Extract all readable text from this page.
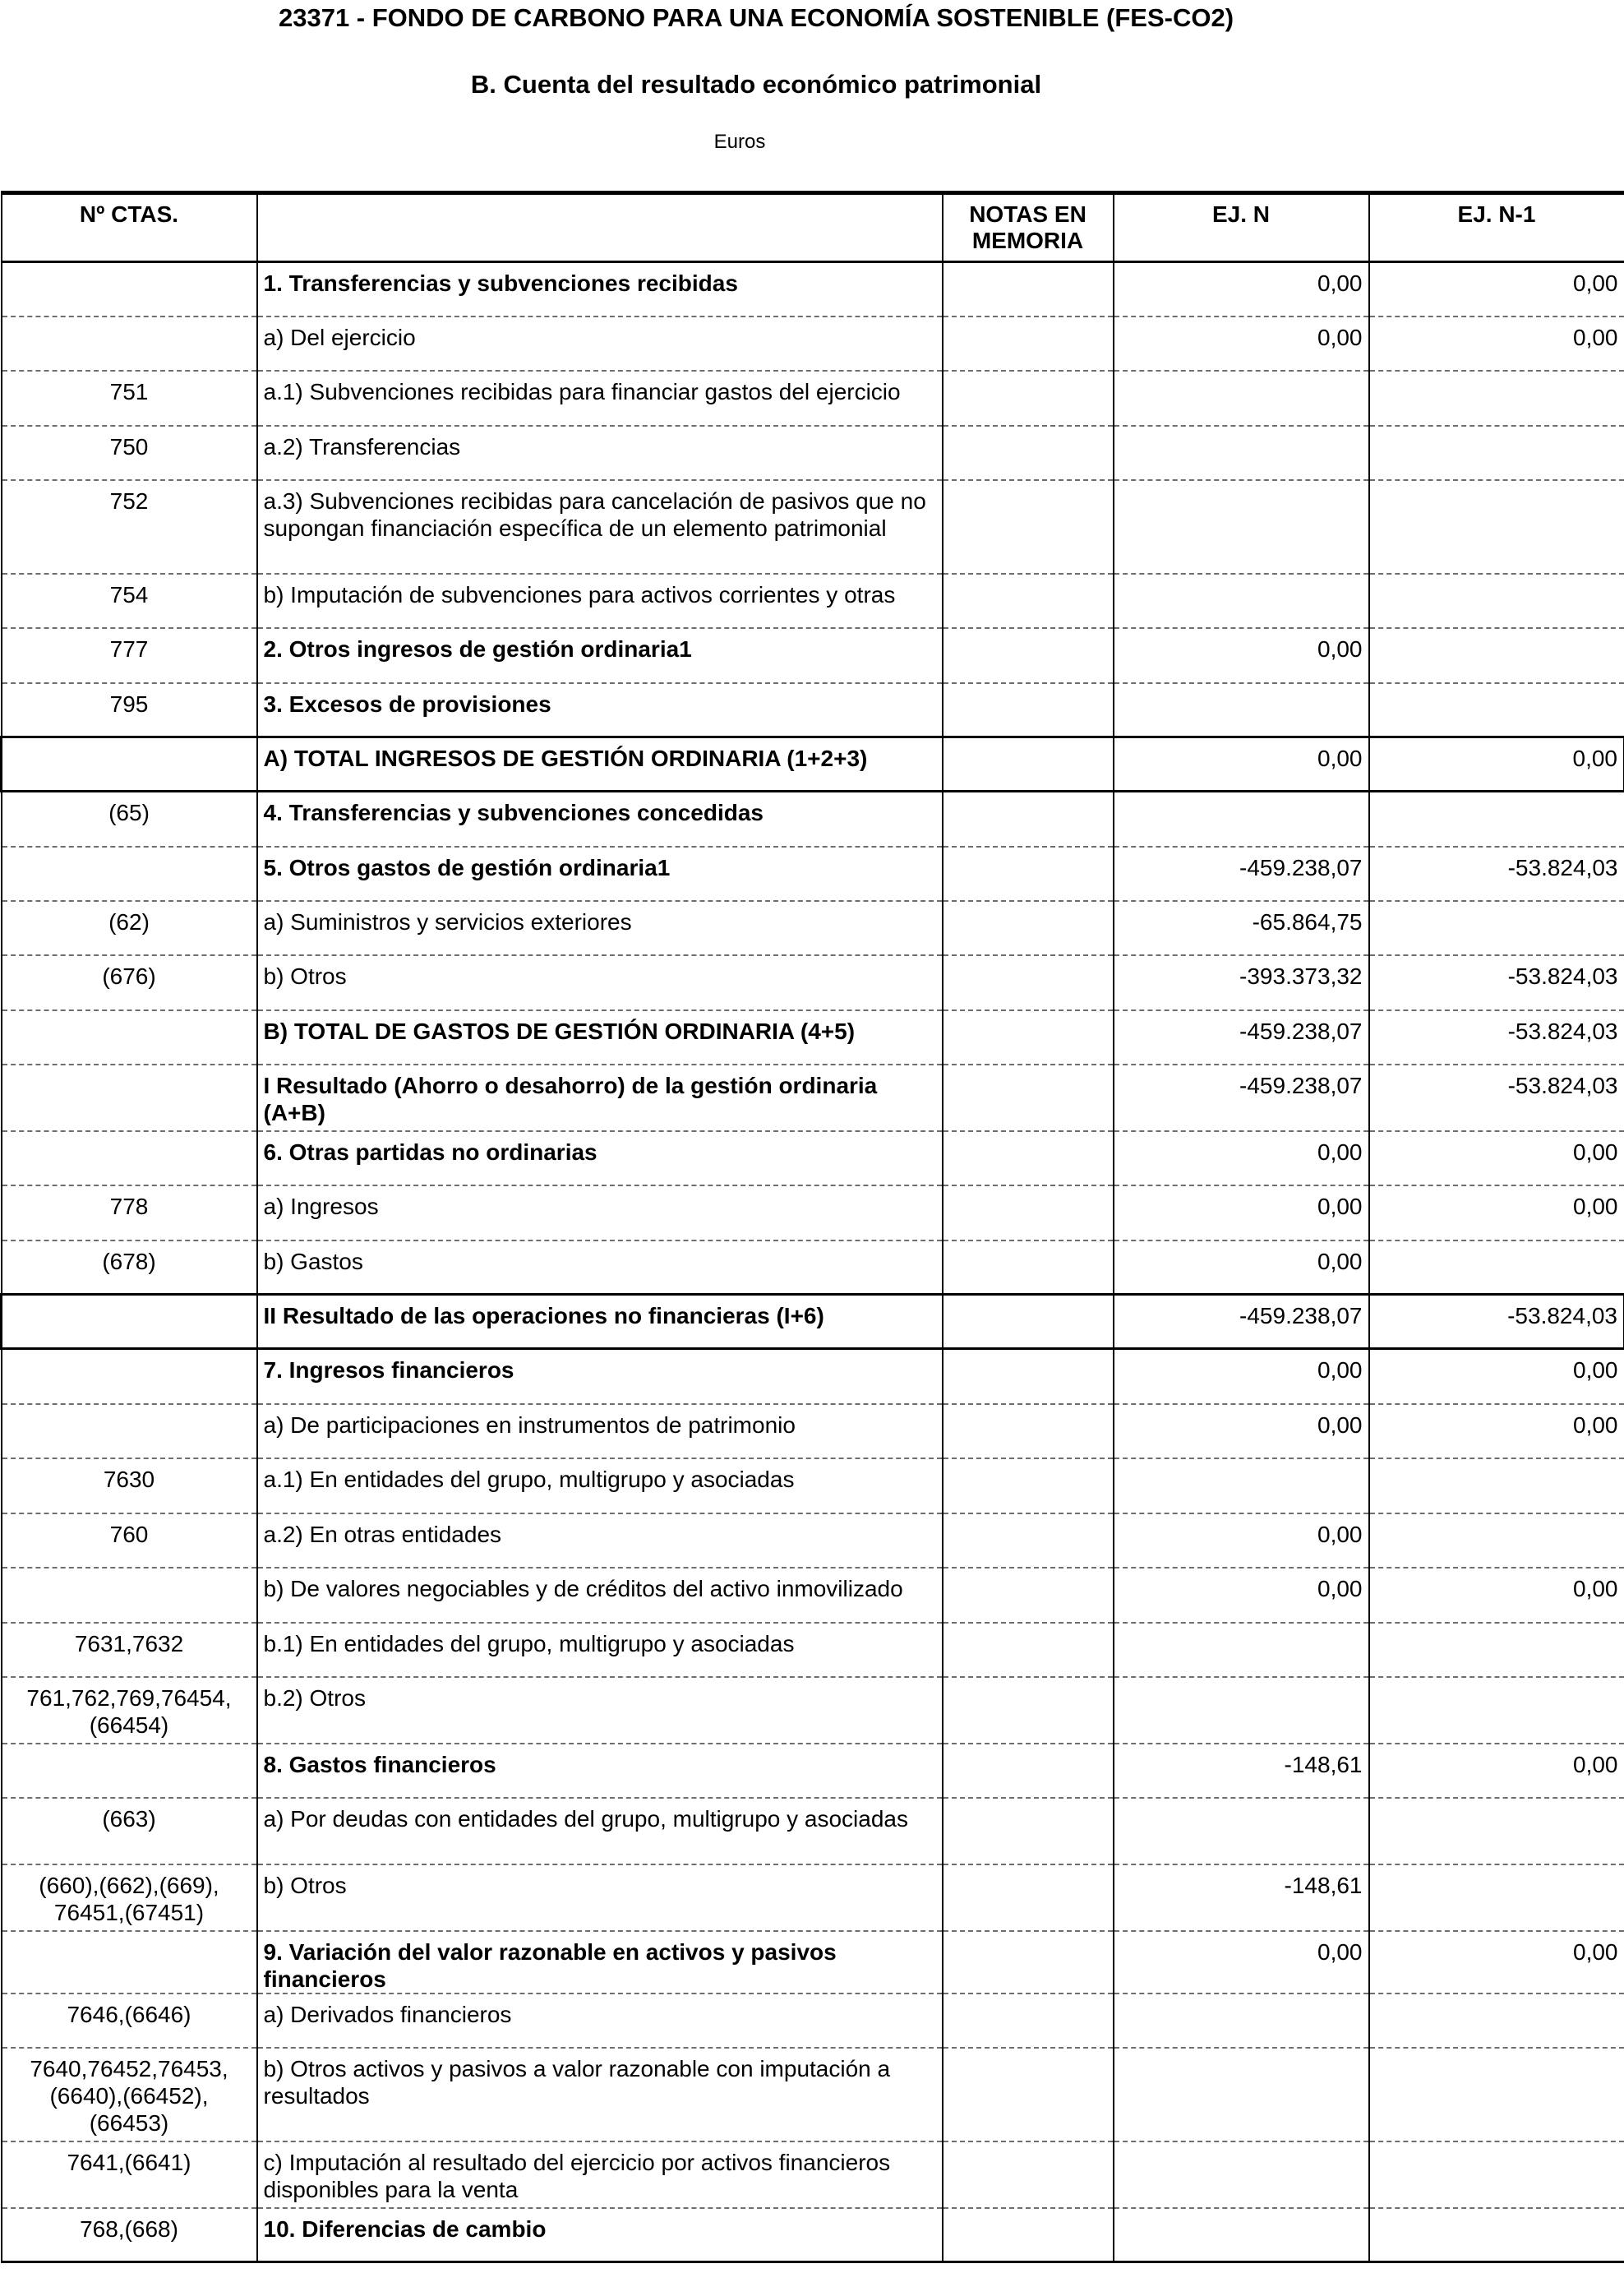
23371 - FONDO DE CARBONO PARA UNA ECONOMÍA SOSTENIBLE (FES-CO2)
B. Cuenta del resultado económico patrimonial
Euros
Nº CTAS.		NOTAS EN MEMORIA	EJ. N	EJ. N-1
	1. Transferencias y subvenciones recibidas		0,00	0,00
	a) Del ejercicio		0,00	0,00
751	a.1) Subvenciones recibidas para financiar gastos del ejercicio			
750	a.2) Transferencias			
752	a.3) Subvenciones recibidas para cancelación de pasivos que no supongan financiación específica de un elemento patrimonial			
754	b) Imputación de subvenciones para activos corrientes y otras			
777	2. Otros ingresos de gestión ordinaria1		0,00	
795	3. Excesos de provisiones			
	A) TOTAL INGRESOS DE GESTIÓN ORDINARIA (1+2+3)		0,00	0,00
(65)	4. Transferencias y subvenciones concedidas			
	5. Otros gastos de gestión ordinaria1		-459.238,07	-53.824,03
(62)	a) Suministros y servicios exteriores		-65.864,75	
(676)	b) Otros		-393.373,32	-53.824,03
	B) TOTAL DE GASTOS DE GESTIÓN ORDINARIA (4+5)		-459.238,07	-53.824,03
	I Resultado (Ahorro o desahorro) de la gestión ordinaria (A+B)		-459.238,07	-53.824,03
	6. Otras partidas no ordinarias		0,00	0,00
778	a) Ingresos		0,00	0,00
(678)	b) Gastos		0,00	
	II Resultado de las operaciones no financieras (I+6)		-459.238,07	-53.824,03
	7. Ingresos financieros		0,00	0,00
	a) De participaciones en instrumentos de patrimonio		0,00	0,00
7630	a.1) En entidades del grupo, multigrupo y asociadas			
760	a.2) En otras entidades		0,00	
	b) De valores negociables y de créditos del activo inmovilizado		0,00	0,00
7631,7632	b.1) En entidades del grupo, multigrupo y asociadas			
761,762,769,76454, (66454)	b.2) Otros			
	8. Gastos financieros		-148,61	0,00
(663)	a) Por deudas con entidades del grupo, multigrupo y asociadas			
(660),(662),(669), 76451,(67451)	b) Otros		-148,61	
	9. Variación del valor razonable en activos y pasivos financieros		0,00	0,00
7646,(6646)	a) Derivados financieros			
7640,76452,76453, (6640),(66452), (66453)	b) Otros activos y pasivos a valor razonable con imputación a resultados			
7641,(6641)	c) Imputación al resultado del ejercicio por activos financieros disponibles para la venta			
768,(668)	10. Diferencias de cambio			
